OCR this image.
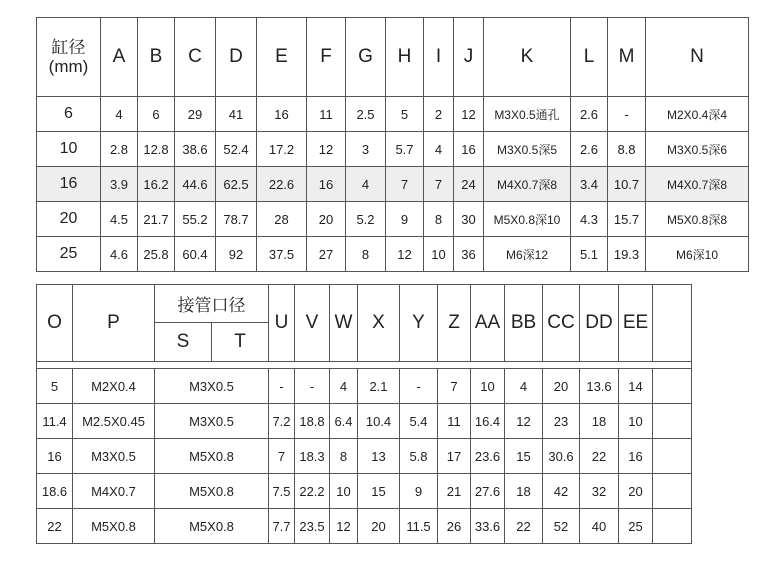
缸径
(mm)	A	B	C	D	E	F	G	H	I	J	K	L	M	N
6	4	6	29	41	16	11	2.5	5	2	12	M3X0.5通孔	2.6	-	M2X0.4深4
10	2.8	12.8	38.6	52.4	17.2	12	3	5.7	4	16	M3X0.5深5	2.6	8.8	M3X0.5深6
16	3.9	16.2	44.6	62.5	22.6	16	4	7	7	24	M4X0.7深8	3.4	10.7	M4X0.7深8
20	4.5	21.7	55.2	78.7	28	20	5.2	9	8	30	M5X0.8深10	4.3	15.7	M5X0.8深8
25	4.6	25.8	60.4	92	37.5	27	8	12	10	36	M6深12	5.1	19.3	M6深10
O	P	接管口径		U	V	W	X	Y	Z	AA	BB	CC	DD	EE	
		S	T												

5	M2X0.4	M3X0.5		-	-	4	2.1	-	7	10	4	20	13.6	14	
11.4	M2.5X0.45	M3X0.5		7.2	18.8	6.4	10.4	5.4	11	16.4	12	23	18	10	
16	M3X0.5	M5X0.8		7	18.3	8	13	5.8	17	23.6	15	30.6	22	16	
18.6	M4X0.7	M5X0.8		7.5	22.2	10	15	9	21	27.6	18	42	32	20	
22	M5X0.8	M5X0.8		7.7	23.5	12	20	11.5	26	33.6	22	52	40	25	
